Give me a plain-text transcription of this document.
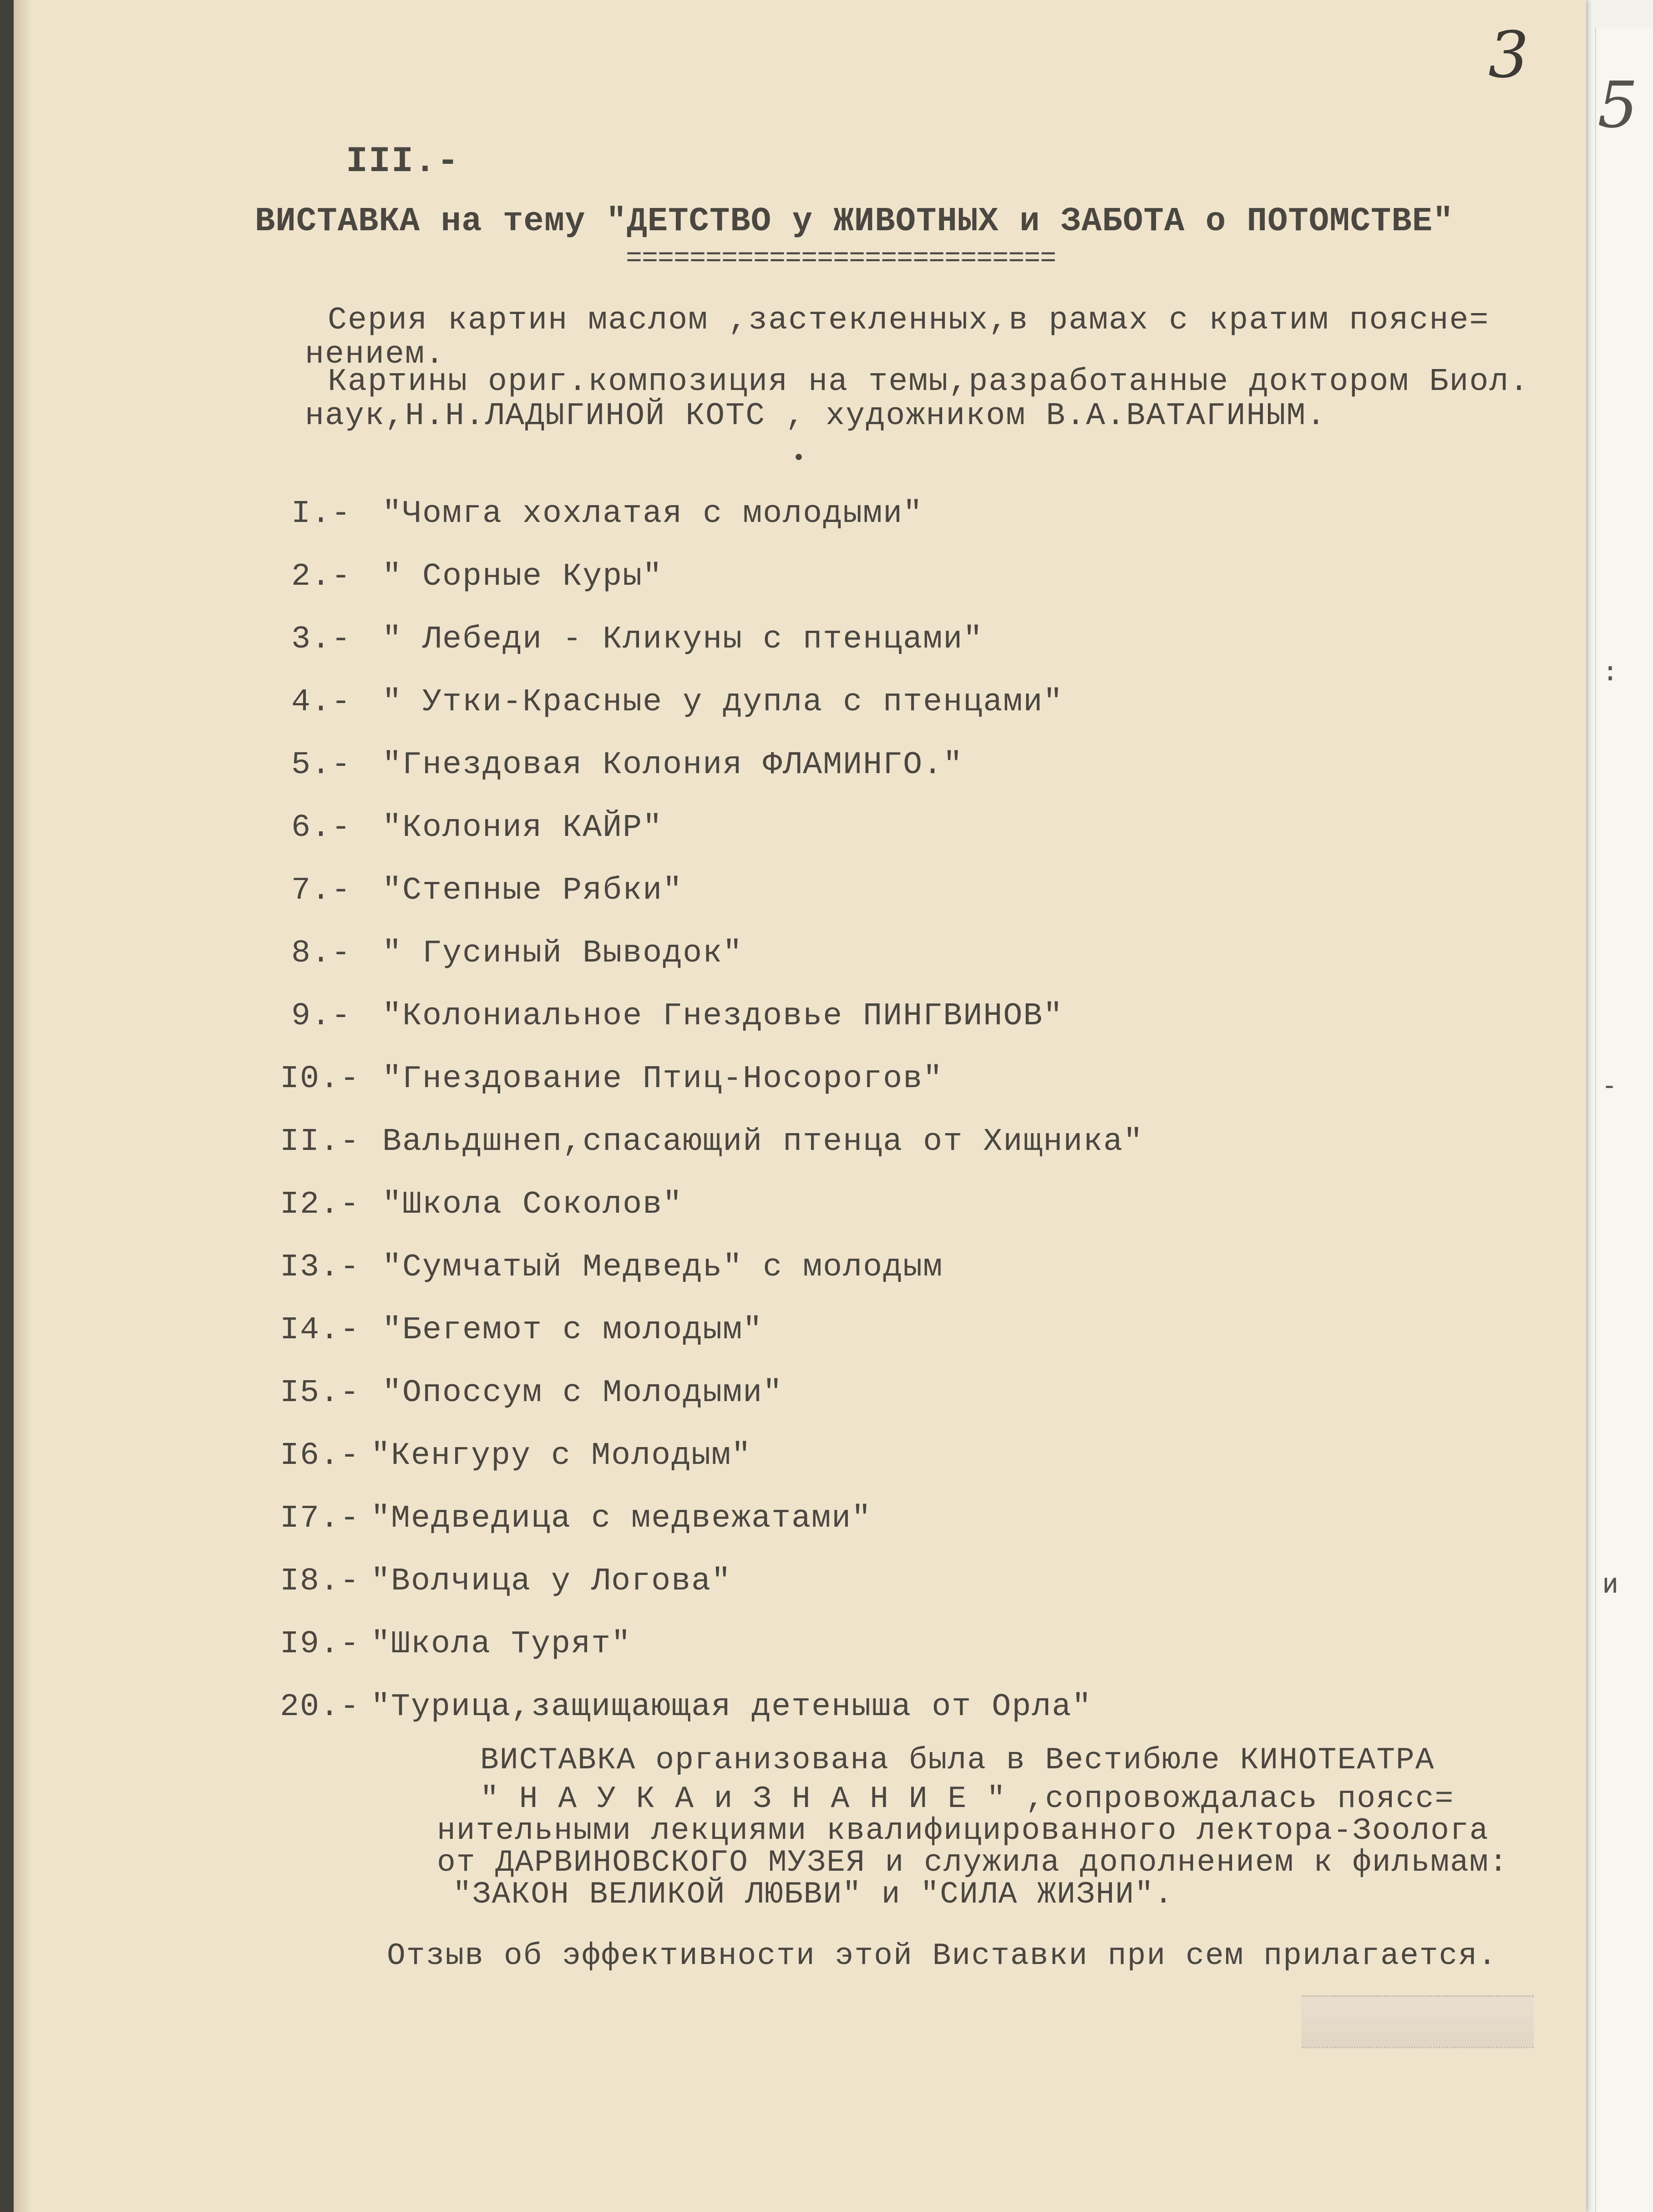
3
5
III.-
ВИСТАВКА на тему "ДЕТСТВО у ЖИВОТНЫХ и ЗАБОТА о ПОТОМСТВЕ"
===========================
Серия картин маслом ,застекленных,в рамах с кратим поясне=
нением.
Картины ориг.композиция на темы,разработанные доктором Биол.
наук,Н.Н.ЛАДЫГИНОЙ КОТС , художником В.А.ВАТАГИНЫМ.
•
I.- "Чомга хохлатая с молодыми"
2.- " Сорные Куры"
3.- " Лебеди - Кликуны с птенцами"
4.- " Утки-Красные у дупла с птенцами"
5.- "Гнездовая Колония ФЛАМИНГО."
6.- "Колония КАЙР"
7.- "Степные Рябки"
8.- " Гусиный Выводок"
9.- "Колониальное Гнездовье ПИНГВИНОВ"
I0.- "Гнездование Птиц-Носорогов"
II.- Вальдшнеп,спасающий птенца от Хищника"
I2.- "Школа Соколов"
I3.- "Сумчатый Медведь" с молодым
I4.- "Бегемот с молодым"
I5.- "Опоссум с Молодыми"
I6.- "Кенгуру с Молодым"
I7.- "Медведица с медвежатами"
I8.- "Волчица у Логова"
I9.- "Школа Турят"
20.- "Турица,защищающая детеныша от Орла"
ВИСТАВКА организована была в Вестибюле КИНОТЕАТРА
" Н А У К А и З Н А Н И Е " ,сопровождалась поясс=
нительными лекциями квалифицированного лектора-Зоолога
от ДАРВИНОВСКОГО МУЗЕЯ и служила дополнением к фильмам:
"ЗАКОН ВЕЛИКОЙ ЛЮБВИ" и "СИЛА ЖИЗНИ".
Отзыв об эффективности этой Виставки при сем прилагается.
:
-
и
